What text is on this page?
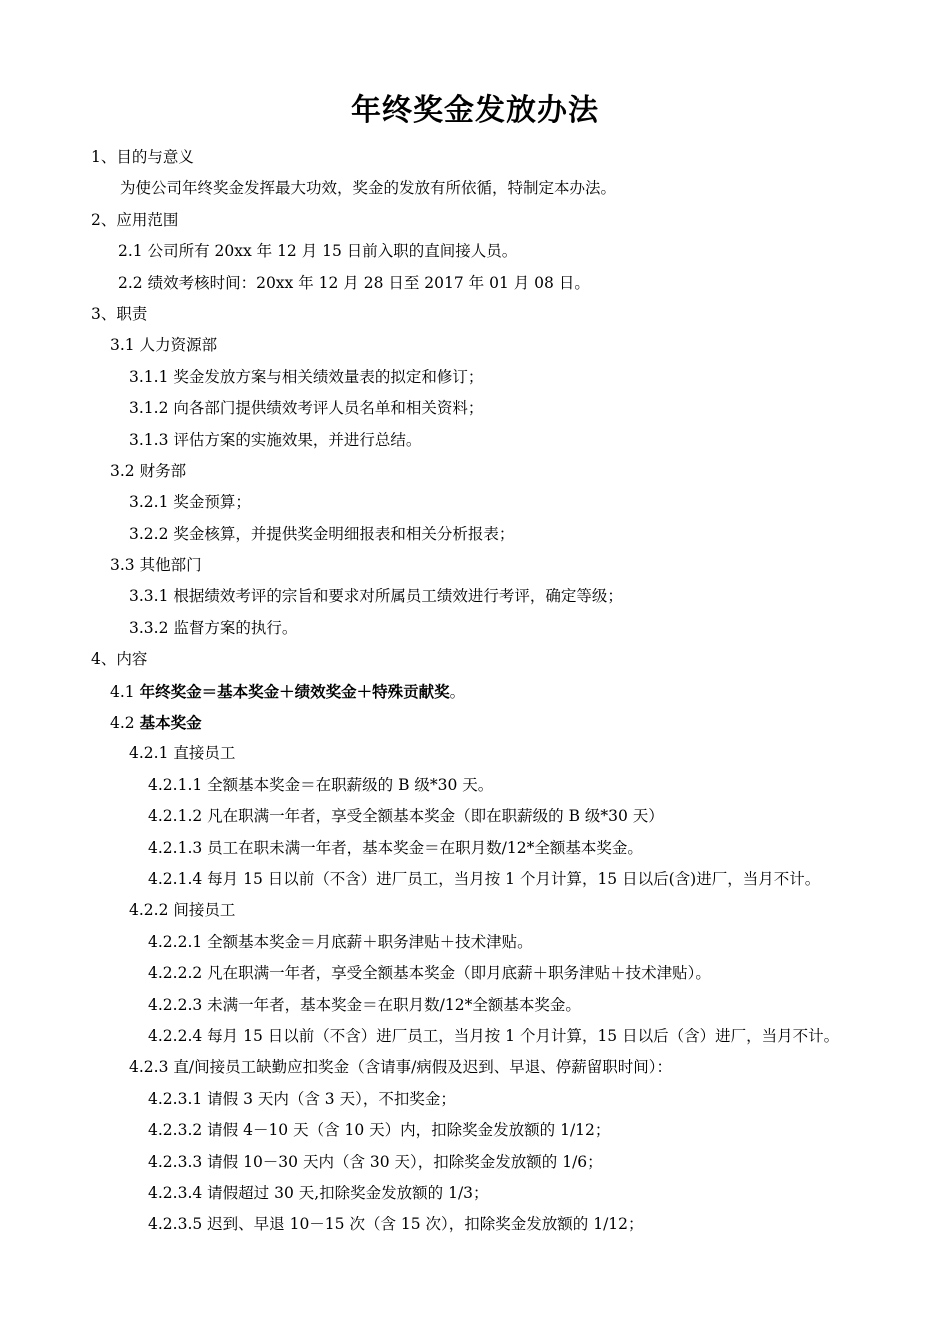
年终奖金发放办法
1、目的与意义
为使公司年终奖金发挥最大功效，奖金的发放有所依循，特制定本办法。
2、应用范围
2.1 公司所有 20xx 年 12 月 15 日前入职的直间接人员。
2.2 绩效考核时间：20xx 年 12 月 28 日至 2017 年 01 月 08 日。
3、职责
3.1 人力资源部
3.1.1 奖金发放方案与相关绩效量表的拟定和修订；
3.1.2 向各部门提供绩效考评人员名单和相关资料；
3.1.3 评估方案的实施效果，并进行总结。
3.2 财务部
3.2.1 奖金预算；
3.2.2 奖金核算，并提供奖金明细报表和相关分析报表；
3.3 其他部门
3.3.1 根据绩效考评的宗旨和要求对所属员工绩效进行考评，确定等级；
3.3.2 监督方案的执行。
4、内容
4.1 年终奖金＝基本奖金＋绩效奖金＋特殊贡献奖。
4.2 基本奖金
4.2.1 直接员工
4.2.1.1 全额基本奖金＝在职薪级的 B 级*30 天。
4.2.1.2 凡在职满一年者，享受全额基本奖金（即在职薪级的 B 级*30 天）
4.2.1.3 员工在职未满一年者，基本奖金＝在职月数/12*全额基本奖金。
4.2.1.4 每月 15 日以前（不含）进厂员工，当月按 1 个月计算，15 日以后(含)进厂，当月不计。
4.2.2 间接员工
4.2.2.1 全额基本奖金＝月底薪＋职务津贴＋技术津贴。
4.2.2.2 凡在职满一年者，享受全额基本奖金（即月底薪＋职务津贴＋技术津贴）。
4.2.2.3 未满一年者，基本奖金＝在职月数/12*全额基本奖金。
4.2.2.4 每月 15 日以前（不含）进厂员工，当月按 1 个月计算，15 日以后（含）进厂，当月不计。
4.2.3 直/间接员工缺勤应扣奖金（含请事/病假及迟到、早退、停薪留职时间）：
4.2.3.1 请假 3 天内（含 3 天），不扣奖金；
4.2.3.2 请假 4－10 天（含 10 天）内，扣除奖金发放额的 1/12；
4.2.3.3 请假 10－30 天内（含 30 天），扣除奖金发放额的 1/6；
4.2.3.4 请假超过 30 天,扣除奖金发放额的 1/3；
4.2.3.5 迟到、早退 10－15 次（含 15 次），扣除奖金发放额的 1/12；
